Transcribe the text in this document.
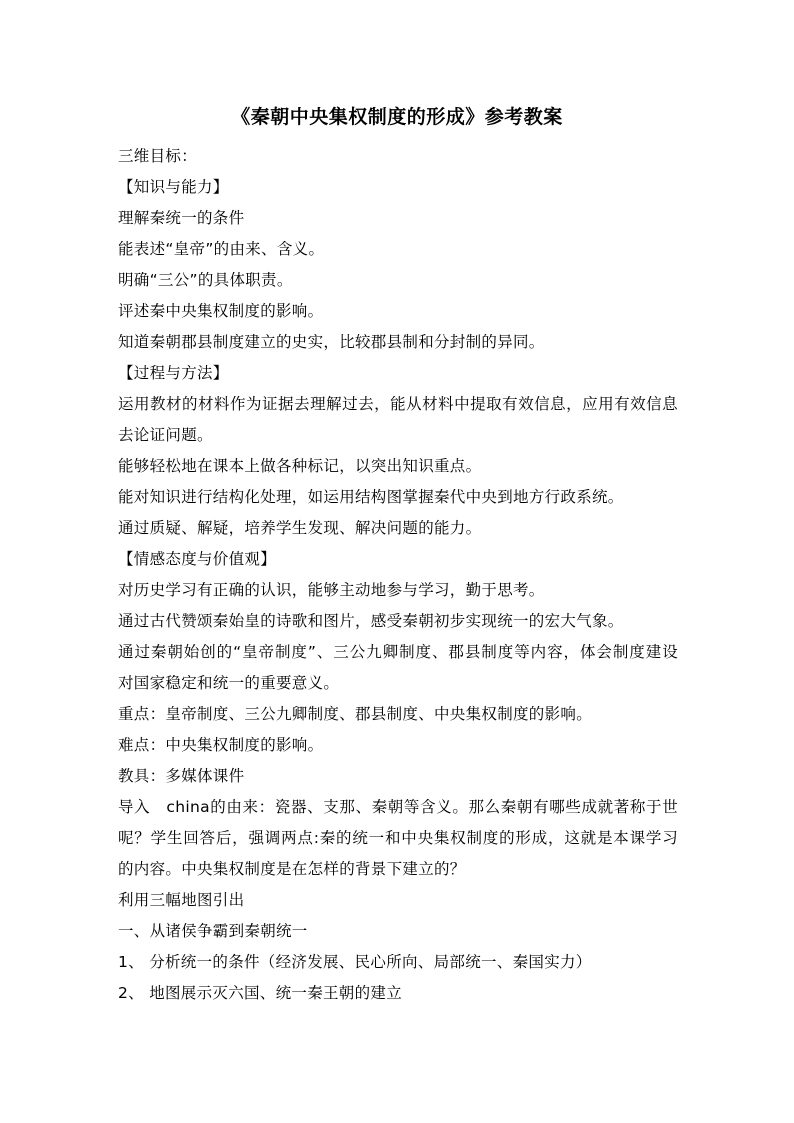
《秦朝中央集权制度的形成》参考教案

三维目标：

【知识与能力】

理解秦统一的条件

能表述“皇帝”的由来、含义。

明确“三公”的具体职责。

评述秦中央集权制度的影响。

知道秦朝郡县制度建立的史实，比较郡县制和分封制的异同。

【过程与方法】

运用教材的材料作为证据去理解过去，能从材料中提取有效信息，应用有效信息

去论证问题。

能够轻松地在课本上做各种标记，以突出知识重点。

能对知识进行结构化处理，如运用结构图掌握秦代中央到地方行政系统。

通过质疑、解疑，培养学生发现、解决问题的能力。

【情感态度与价值观】

对历史学习有正确的认识，能够主动地参与学习，勤于思考。

通过古代赞颂秦始皇的诗歌和图片，感受秦朝初步实现统一的宏大气象。

通过秦朝始创的“皇帝制度”、三公九卿制度、郡县制度等内容，体会制度建设

对国家稳定和统一的重要意义。

重点：皇帝制度、三公九卿制度、郡县制度、中央集权制度的影响。

难点：中央集权制度的影响。

教具：多媒体课件

导入　china的由来：瓷器、支那、秦朝等含义。那么秦朝有哪些成就著称于世

呢？学生回答后，强调两点:秦的统一和中央集权制度的形成，这就是本课学习

的内容。中央集权制度是在怎样的背景下建立的？

利用三幅地图引出

一、从诸侯争霸到秦朝统一

1、 分析统一的条件（经济发展、民心所向、局部统一、秦国实力）

2、 地图展示灭六国、统一秦王朝的建立
